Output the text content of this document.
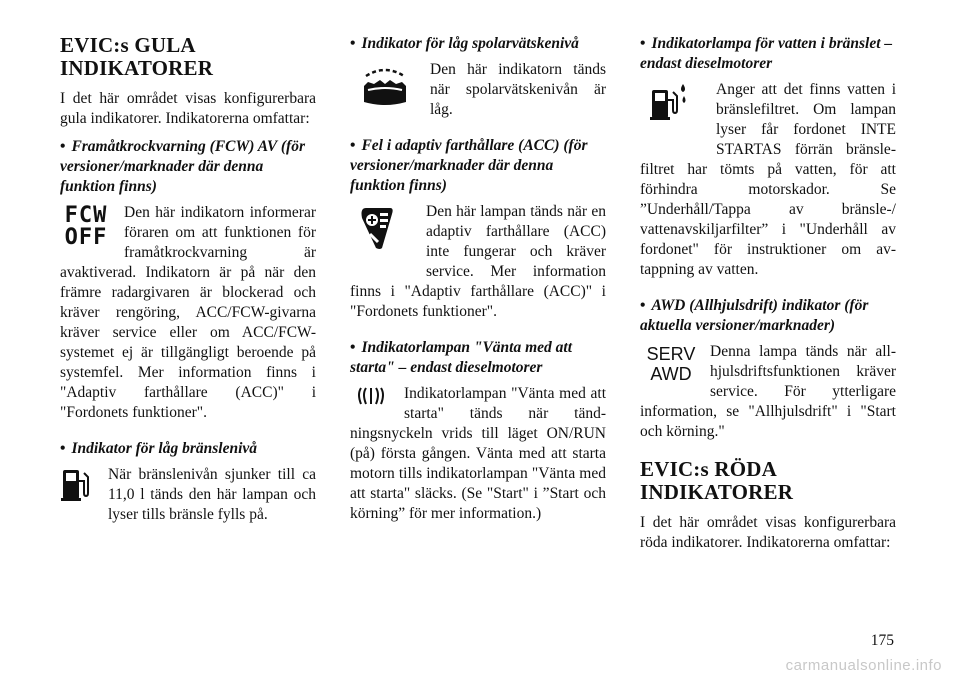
EVIC:s GULA INDIKATORER
I det här området visas konfigurerbara gula indikatorer. Indikatorerna omfattar:
• Framåtkrockvarning (FCW) AV (för versioner/marknader där denna funktion finns)
FCW OFF
Den här indikatorn informerar föraren om att funktionen för framåtkrockvarning är avaktiverad. Indikatorn är på när den främre radargivaren är blockerad och kräver rengöring, ACC/FCW-givarna kräver service eller om ACC/FCW-systemet ej är tillgängligt beroende på systemfel. Mer information finns i "Adaptiv farthållare (ACC)" i "Fordonets funktioner".
• Indikator för låg bränslenivå
När bränslenivån sjunker till ca 11,0 l tänds den här lampan och lyser tills bränsle fylls på.
• Indikator för låg spolarvätskenivå
Den här indikatorn tänds när spolarvätskenivån är låg.
• Fel i adaptiv farthållare (ACC) (för versioner/marknader där denna funktion finns)
Den här lampan tänds när en adaptiv farthållare (ACC) inte fungerar och kräver service. Mer information finns i "Adaptiv farthållare (ACC)" i "Fordonets funktioner".
• Indikatorlampan "Vänta med att starta" – endast dieselmotorer
Indikatorlampan "Vänta med att starta" tänds när tändningsnyckeln vrids till läget ON/RUN (på) första gången. Vänta med att starta motorn tills indikatorlampan "Vänta med att starta" släcks. (Se "Start" i ”Start och körning” för mer information.)
• Indikatorlampa för vatten i bränslet – endast dieselmotorer
Anger att det finns vatten i bränslefiltret. Om lampan lyser får fordonet INTE STARTAS förrän bränslefiltret har tömts på vatten, för att förhindra motorskador. Se ”Underhåll/Tappa av bränsle-/ vattenavskiljarfilter” i "Underhåll av fordonet" för instruktioner om avtappning av vatten.
• AWD (Allhjulsdrift) indikator (för aktuella versioner/marknader)
SERV
AWD
Denna lampa tänds när allhjulsdriftsfunktionen kräver service. För ytterligare information, se "Allhjulsdrift" i "Start och körning."
EVIC:s RÖDA INDIKATORER
I det här området visas konfigurerbara röda indikatorer. Indikatorerna omfattar:
175
carmanualsonline.info
